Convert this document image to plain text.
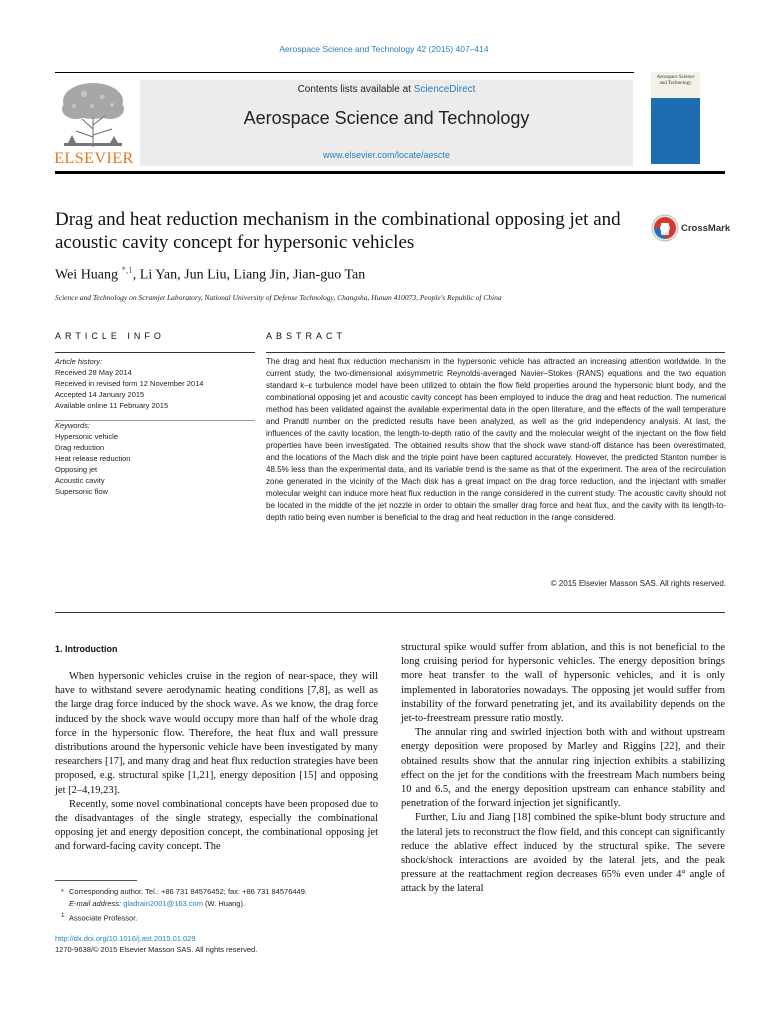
Aerospace Science and Technology 42 (2015) 407–414
ELSEVIER
Contents lists available at ScienceDirect
Aerospace Science and Technology
www.elsevier.com/locate/aescte
Aerospace Science and Technology
Drag and heat reduction mechanism in the combinational opposing jet and acoustic cavity concept for hypersonic vehicles
CrossMark
Wei Huang $^{*,1}$, Li Yan, Jun Liu, Liang Jin, Jian-guo Tan
Science and Technology on Scramjet Laboratory, National University of Defense Technology, Changsha, Hunan 410073, People's Republic of China
ARTICLE INFO	ABSTRACT
Article history:
Received 28 May 2014
Received in revised form 12 November 2014
Accepted 14 January 2015
Available online 11 February 2015
Keywords:
Hypersonic vehicle
Drag reduction
Heat release reduction
Opposing jet
Acoustic cavity
Supersonic flow

The drag and heat flux reduction mechanism in the hypersonic vehicle has attracted an increasing attention worldwide. In the current study, the two-dimensional axisymmetric Reynolds-averaged Navier–Stokes (RANS) equations and the two equation standard k–ε turbulence model have been utilized to obtain the flow field properties around the hypersonic blunt body, and the combinational opposing jet and acoustic cavity concept has been employed to induce the drag and heat reduction. The numerical method has been validated against the available experimental data in the open literature, and the effects of the wall temperature and Prandtl number on the predicted results have been analyzed, as well as the grid independency analysis. At last, the influences of the cavity location, the length-to-depth ratio of the cavity and the molecular weight of the injectant on the flow field properties have been investigated. The obtained results show that the shock wave stand-off distance has been overestimated, and the locations of the Mach disk and the triple point have been captured accurately. However, the predicted Stanton number is 48.5% less than the experimental data, and its variable trend is the same as that of the experiment. The area of the recirculation zone generated in the vicinity of the Mach disk has a great impact on the drag force reduction, and the injectant with smaller molecular weight can induce more heat flux reduction in the range considered in the current study. The acoustic cavity should not be located in the middle of the jet nozzle in order to obtain the smaller drag force and heat flux, and the cavity with its length-to-depth ratio being even number is beneficial to the drag and heat reduction in the range considered.

© 2015 Elsevier Masson SAS. All rights reserved.
1. Introduction

When hypersonic vehicles cruise in the region of near-space, they will have to withstand severe aerodynamic heating conditions [7,8], as well as the large drag force induced by the shock wave. As we know, the drag force induced by the shock wave would occupy more than half of the whole drag force in the hypersonic flow. Therefore, the heat flux and wall pressure distributions around the hypersonic vehicle have been investigated by many researchers [17], and many drag and heat flux reduction strategies have been proposed, e.g. structural spike [1,21], energy deposition [15] and opposing jet [2–4,19,23].

Recently, some novel combinational concepts have been proposed due to the disadvantages of the single strategy, especially the combinational opposing jet and energy deposition concept, the combinational opposing jet and forward-facing cavity concept. The

structural spike would suffer from ablation, and this is not beneficial to the long cruising period for hypersonic vehicles. The energy deposition brings more heat transfer to the wall of hypersonic vehicles, and it is only implemented in laboratories nowadays. The opposing jet would suffer from instability of the forward penetrating jet, and its availability depends on the jet-to-freestream pressure ratio mostly.

The annular ring and swirled injection both with and without upstream energy deposition were proposed by Marley and Riggins [22], and their obtained results show that the annular ring injection exhibits a stabilizing effect on the jet for the conditions with the freestream Mach numbers being 10 and 6.5, and the energy deposition upstream can enhance stability and penetration of the forward injection jet significantly.

Further, Liu and Jiang [18] combined the spike-blunt body structure and the lateral jets to reconstruct the flow field, and this concept can significantly reduce the ablative effect induced by the structural spike. The severe shock/shock interactions are avoided by the lateral jets, and the peak pressure at the reattachment region decreases 65% even under 4° angle of attack by the lateral

* Corresponding author. Tel.: +86 731 84576452; fax: +86 731 84576449.
E-mail address: gladrain2001@163.com (W. Huang).
$^1$ Associate Professor.
http://dx.doi.org/10.1016/j.ast.2015.01.029
1270-9638/© 2015 Elsevier Masson SAS. All rights reserved.
